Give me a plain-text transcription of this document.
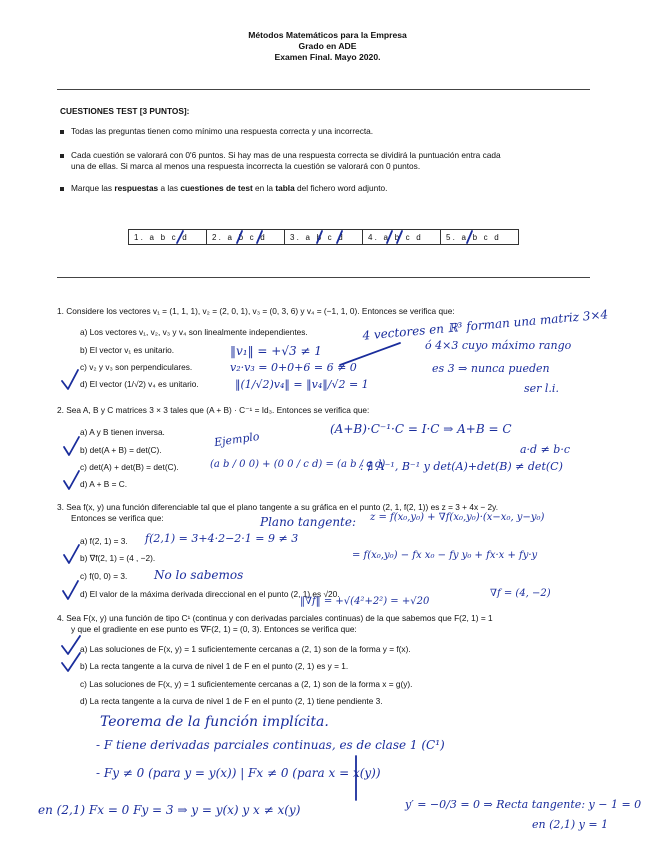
Métodos Matemáticos para la Empresa
Grado en ADE
Examen Final. Mayo 2020.
CUESTIONES TEST [3 PUNTOS]:
Todas las preguntas tienen como mínimo una respuesta correcta y una incorrecta.
Cada cuestión se valorará con 0'6 puntos. Si hay mas de una respuesta correcta se dividirá la puntuación entra cada
una de ellas. Si marca al menos una respuesta incorrecta la cuestión se valorará con 0 puntos.
Marque las respuestas a las cuestiones de test en la tabla del fichero word adjunto.
1. a b c d	2. a b c d	3. a b c d	4. a b c d	5. a b c d
1. Considere los vectores v₁ = (1, 1, 1), v₂ = (2, 0, 1), v₃ = (0, 3, 6) y v₄ = (−1, 1, 0). Entonces se verifica que:
a) Los vectores v₁, v₂, v₃ y v₄ son linealmente independientes.
b) El vector v₁ es unitario.
c) v₂ y v₃ son perpendiculares.
d) El vector (1/√2) v₄ es unitario.
2. Sea A, B y C matrices 3 × 3 tales que (A + B) · C⁻¹ = Id₃. Entonces se verifica que:
a) A y B tienen inversa.
b) det(A + B) = det(C).
c) det(A) + det(B) = det(C).
d) A + B = C.
3. Sea f(x, y) una función diferenciable tal que el plano tangente a su gráfica en el punto (2, 1, f(2, 1)) es z = 3 + 4x − 2y.
Entonces se verifica que:
a) f(2, 1) = 3.
b) ∇f(2, 1) = (4 , −2).
c) f(0, 0) = 3.
d) El valor de la máxima derivada direccional en el punto (2, 1) es √20.
4. Sea F(x, y) una función de tipo C¹ (continua y con derivadas parciales continuas) de la que sabemos que F(2, 1) = 1
y que el gradiente en ese punto es ∇F(2, 1) = (0, 3). Entonces se verifica que:
a) Las soluciones de F(x, y) = 1 suficientemente cercanas a (2, 1) son de la forma y = f(x).
b) La recta tangente a la curva de nivel 1 de F en el punto (2, 1) es y = 1.
c) Las soluciones de F(x, y) = 1 suficientemente cercanas a (2, 1) son de la forma x = g(y).
d) La recta tangente a la curva de nivel 1 de F en el punto (2, 1) tiene pendiente 3.
4 vectores en ℝ³ forman una matriz 3×4
‖v₁‖ = +√3 ≠ 1
v₂·v₃ = 0+0+6 = 6 ≠ 0
‖(1/√2)v₄‖ = ‖v₄‖/√2 = 1
ó 4×3 cuyo máximo rango
es 3 ⇒ nunca pueden
ser l.i.
(A+B)·C⁻¹·C = I·C ⇒ A+B = C
Ejemplo
(a b / 0 0) + (0 0 / c d) = (a b / c d)
: ∄ A⁻¹, B⁻¹ y det(A)+det(B) ≠ det(C)
a·d ≠ b·c
f(2,1) = 3+4·2−2·1 = 9 ≠ 3
Plano tangente: z = f(x₀,y₀) + ∇f(x₀,y₀)·(x−x₀, y−y₀)
= f(x₀,y₀) − fx x₀ − fy y₀ + fx·x + fy·y
No lo sabemos
‖∇f‖ = +√(4²+2²) = +√20
∇f = (4, −2)
Teorema de la función implícita.
- F tiene derivadas parciales continuas, es de clase 1 (C¹)
- Fy ≠ 0 (para y = y(x)) | Fx ≠ 0 (para x = x(y))
en (2,1) Fx = 0 Fy = 3 ⇒ y = y(x) y x ≠ x(y)	y′ = −0/3 = 0 ⇒ Recta tangente: y − 1 = 0
en (2,1) y = 1
